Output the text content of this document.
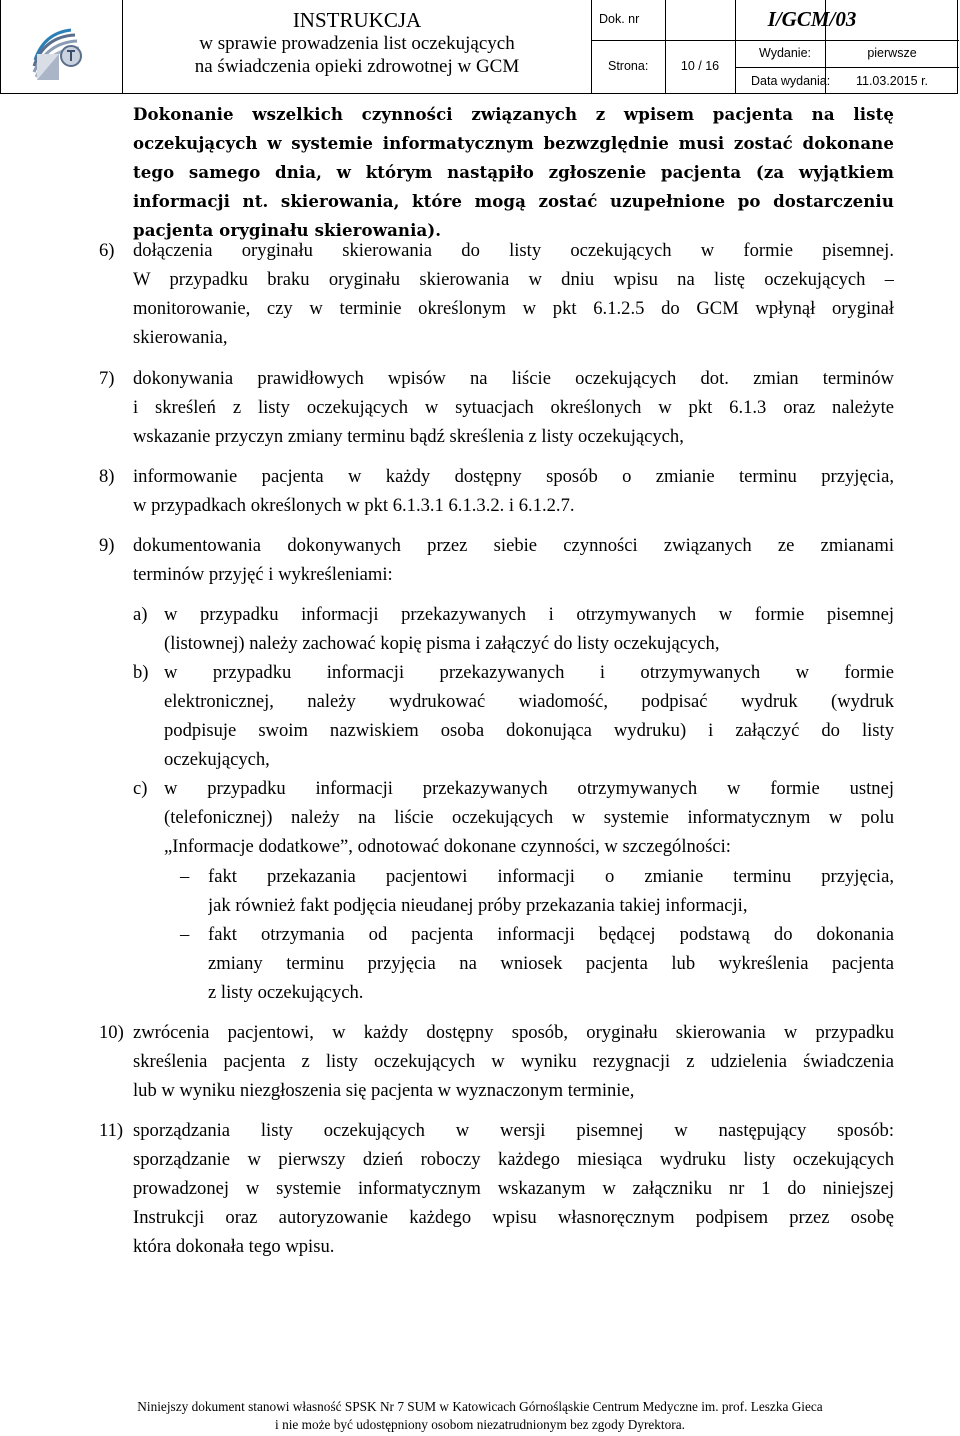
INSTRUKCJA
w sprawie prowadzenia list oczekujących
na świadczenia opieki zdrowotnej w GCM
Dok. nr	I/GCM/03
Strona:	10 / 16
Wydanie:	pierwsze
Data wydania:	11.03.2015 r.
Dokonanie wszelkich czynności związanych z wpisem pacjenta na listę
oczekujących w systemie informatycznym bezwzględnie musi zostać dokonane
tego samego dnia, w którym nastąpiło zgłoszenie pacjenta (za wyjątkiem
informacji nt. skierowania, które mogą zostać uzupełnione po dostarczeniu
pacjenta oryginału skierowania).
6) dołączenia oryginału skierowania do listy oczekujących w formie pisemnej.
W przypadku braku oryginału skierowania w dniu wpisu na listę oczekujących –
monitorowanie, czy w terminie określonym w pkt 6.1.2.5 do GCM wpłynął oryginał
skierowania,
7) dokonywania prawidłowych wpisów na liście oczekujących dot. zmian terminów
i skreśleń z listy oczekujących w sytuacjach określonych w pkt 6.1.3 oraz należyte
wskazanie przyczyn zmiany terminu bądź skreślenia z listy oczekujących,
8) informowanie pacjenta w każdy dostępny sposób o zmianie terminu przyjęcia,
w przypadkach określonych w pkt 6.1.3.1 6.1.3.2. i 6.1.2.7.
9) dokumentowania dokonywanych przez siebie czynności związanych ze zmianami
terminów przyjęć i wykreśleniami:
a) w przypadku informacji przekazywanych i otrzymywanych w formie pisemnej
(listownej) należy zachować kopię pisma i załączyć do listy oczekujących,
b) w przypadku informacji przekazywanych i otrzymywanych w formie
elektronicznej, należy wydrukować wiadomość, podpisać wydruk (wydruk
podpisuje swoim nazwiskiem osoba dokonująca wydruku) i załączyć do listy
oczekujących,
c) w przypadku informacji przekazywanych otrzymywanych w formie ustnej
(telefonicznej) należy na liście oczekujących w systemie informatycznym w polu
„Informacje dodatkowe”, odnotować dokonane czynności, w szczególności:
– fakt przekazania pacjentowi informacji o zmianie terminu przyjęcia,
jak również fakt podjęcia nieudanej próby przekazania takiej informacji,
– fakt otrzymania od pacjenta informacji będącej podstawą do dokonania
zmiany terminu przyjęcia na wniosek pacjenta lub wykreślenia pacjenta
z listy oczekujących.
10) zwrócenia pacjentowi, w każdy dostępny sposób, oryginału skierowania w przypadku
skreślenia pacjenta z listy oczekujących w wyniku rezygnacji z udzielenia świadczenia
lub w wyniku niezgłoszenia się pacjenta w wyznaczonym terminie,
11) sporządzania listy oczekujących w wersji pisemnej w następujący sposób:
sporządzanie w pierwszy dzień roboczy każdego miesiąca wydruku listy oczekujących
prowadzonej w systemie informatycznym wskazanym w załączniku nr 1 do niniejszej
Instrukcji oraz autoryzowanie każdego wpisu własnoręcznym podpisem przez osobę
która dokonała tego wpisu.
Niniejszy dokument stanowi własność SPSK Nr 7 SUM w Katowicach Górnośląskie Centrum Medyczne im. prof. Leszka Gieca
i nie może być udostępniony osobom niezatrudnionym bez zgody Dyrektora.
